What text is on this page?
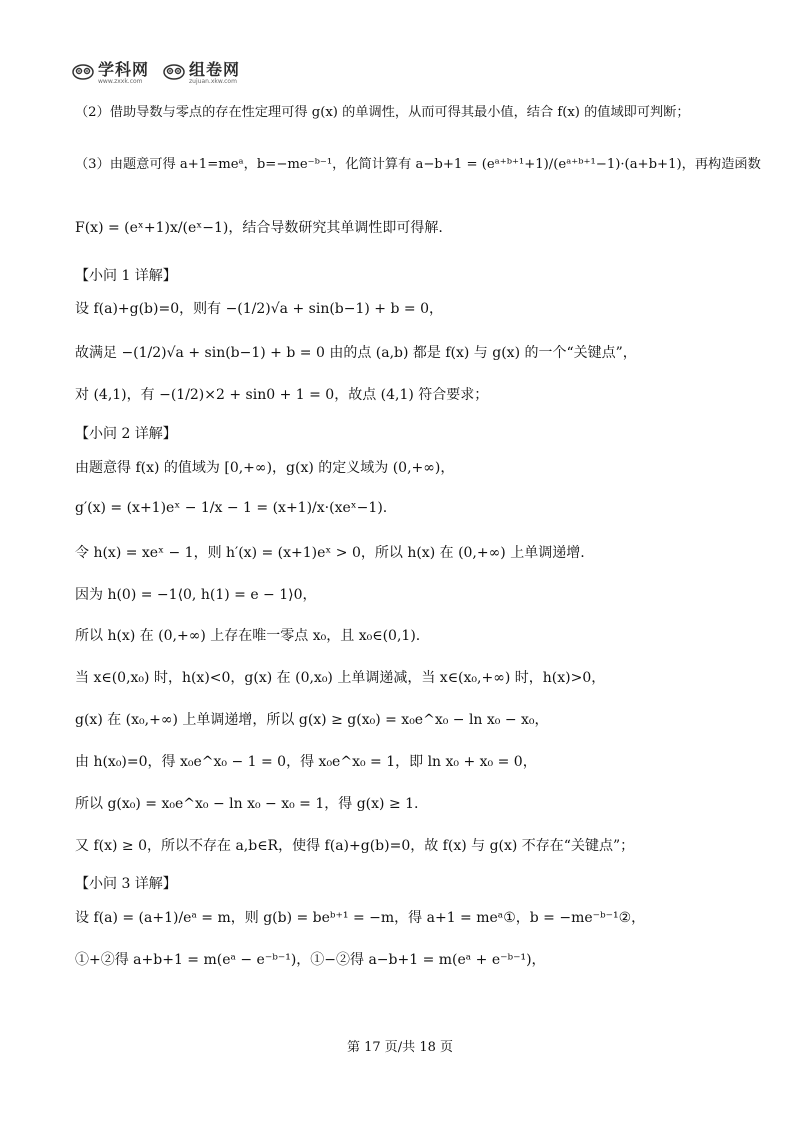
学科网
www.zxxk.com
组卷网
zujuan.xkw.com
（2）借助导数与零点的存在性定理可得 g(x) 的单调性，从而可得其最小值，结合 f(x) 的值域即可判断；
（3）由题意可得 a+1=meᵃ，b=−me⁻ᵇ⁻¹，化简计算有 a−b+1 = (eᵃ⁺ᵇ⁺¹+1)/(eᵃ⁺ᵇ⁺¹−1)·(a+b+1)，再构造函数
F(x) = (eˣ+1)x/(eˣ−1)，结合导数研究其单调性即可得解.
【小问 1 详解】
设 f(a)+g(b)=0，则有 −(1/2)√a + sin(b−1) + b = 0，
故满足 −(1/2)√a + sin(b−1) + b = 0 由的点 (a,b) 都是 f(x) 与 g(x) 的一个“关键点”，
对 (4,1)，有 −(1/2)×2 + sin0 + 1 = 0，故点 (4,1) 符合要求；
【小问 2 详解】
由题意得 f(x) 的值域为 [0,+∞)，g(x) 的定义域为 (0,+∞)，
g′(x) = (x+1)eˣ − 1/x − 1 = (x+1)/x·(xeˣ−1).
令 h(x) = xeˣ − 1，则 h′(x) = (x+1)eˣ > 0，所以 h(x) 在 (0,+∞) 上单调递增.
因为 h(0) = −1⟨0, h(1) = e − 1⟩0，
所以 h(x) 在 (0,+∞) 上存在唯一零点 x₀，且 x₀∈(0,1).
当 x∈(0,x₀) 时，h(x)<0，g(x) 在 (0,x₀) 上单调递减，当 x∈(x₀,+∞) 时，h(x)>0，
g(x) 在 (x₀,+∞) 上单调递增，所以 g(x) ≥ g(x₀) = x₀e^x₀ − ln x₀ − x₀，
由 h(x₀)=0，得 x₀e^x₀ − 1 = 0，得 x₀e^x₀ = 1，即 ln x₀ + x₀ = 0，
所以 g(x₀) = x₀e^x₀ − ln x₀ − x₀ = 1，得 g(x) ≥ 1.
又 f(x) ≥ 0，所以不存在 a,b∈R，使得 f(a)+g(b)=0，故 f(x) 与 g(x) 不存在“关键点”；
【小问 3 详解】
设 f(a) = (a+1)/eᵃ = m，则 g(b) = beᵇ⁺¹ = −m，得 a+1 = meᵃ①，b = −me⁻ᵇ⁻¹②，
①+②得 a+b+1 = m(eᵃ − e⁻ᵇ⁻¹)，①−②得 a−b+1 = m(eᵃ + e⁻ᵇ⁻¹)，
第 17 页/共 18 页
